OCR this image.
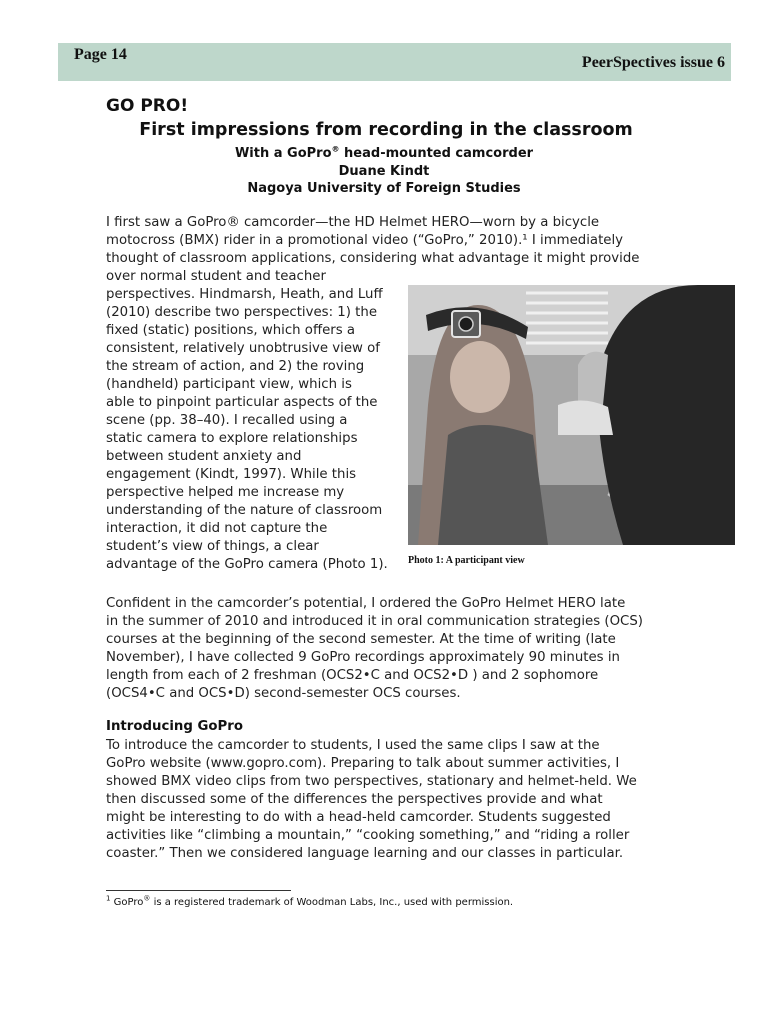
Page 14	PeerSpectives issue 6
GO PRO!
First impressions from recording in the classroom
With a GoPro® head-mounted camcorder
Duane Kindt
Nagoya University of Foreign Studies
I first saw a GoPro® camcorder—the HD Helmet HERO—worn by a bicycle
motocross (BMX) rider in a promotional video (“GoPro,” 2010).¹ I immediately
thought of classroom applications, considering what advantage it might provide
over normal student and teacher
perspectives. Hindmarsh, Heath, and Luff
(2010) describe two perspectives: 1) the
fixed (static) positions, which offers a
consistent, relatively unobtrusive view of
the stream of action, and 2) the roving
(handheld) participant view, which is
able to pinpoint particular aspects of the
scene (pp. 38–40). I recalled using a
static camera to explore relationships
between student anxiety and
engagement (Kindt, 1997). While this
perspective helped me increase my
understanding of the nature of classroom
interaction, it did not capture the
student’s view of things, a clear
advantage of the GoPro camera (Photo 1).	Photo 1: A participant view
Confident in the camcorder’s potential, I ordered the GoPro Helmet HERO late
in the summer of 2010 and introduced it in oral communication strategies (OCS)
courses at the beginning of the second semester. At the time of writing (late
November), I have collected 9 GoPro recordings approximately 90 minutes in
length from each of 2 freshman (OCS2•C and OCS2•D ) and 2 sophomore
(OCS4•C and OCS•D) second-semester OCS courses.
Introducing GoPro
To introduce the camcorder to students, I used the same clips I saw at the
GoPro website (www.gopro.com). Preparing to talk about summer activities, I
showed BMX video clips from two perspectives, stationary and helmet-held. We
then discussed some of the differences the perspectives provide and what
might be interesting to do with a head-held camcorder. Students suggested
activities like “climbing a mountain,” “cooking something,” and “riding a roller
coaster.” Then we considered language learning and our classes in particular.
$^1$ GoPro® is a registered trademark of Woodman Labs, Inc., used with permission.
